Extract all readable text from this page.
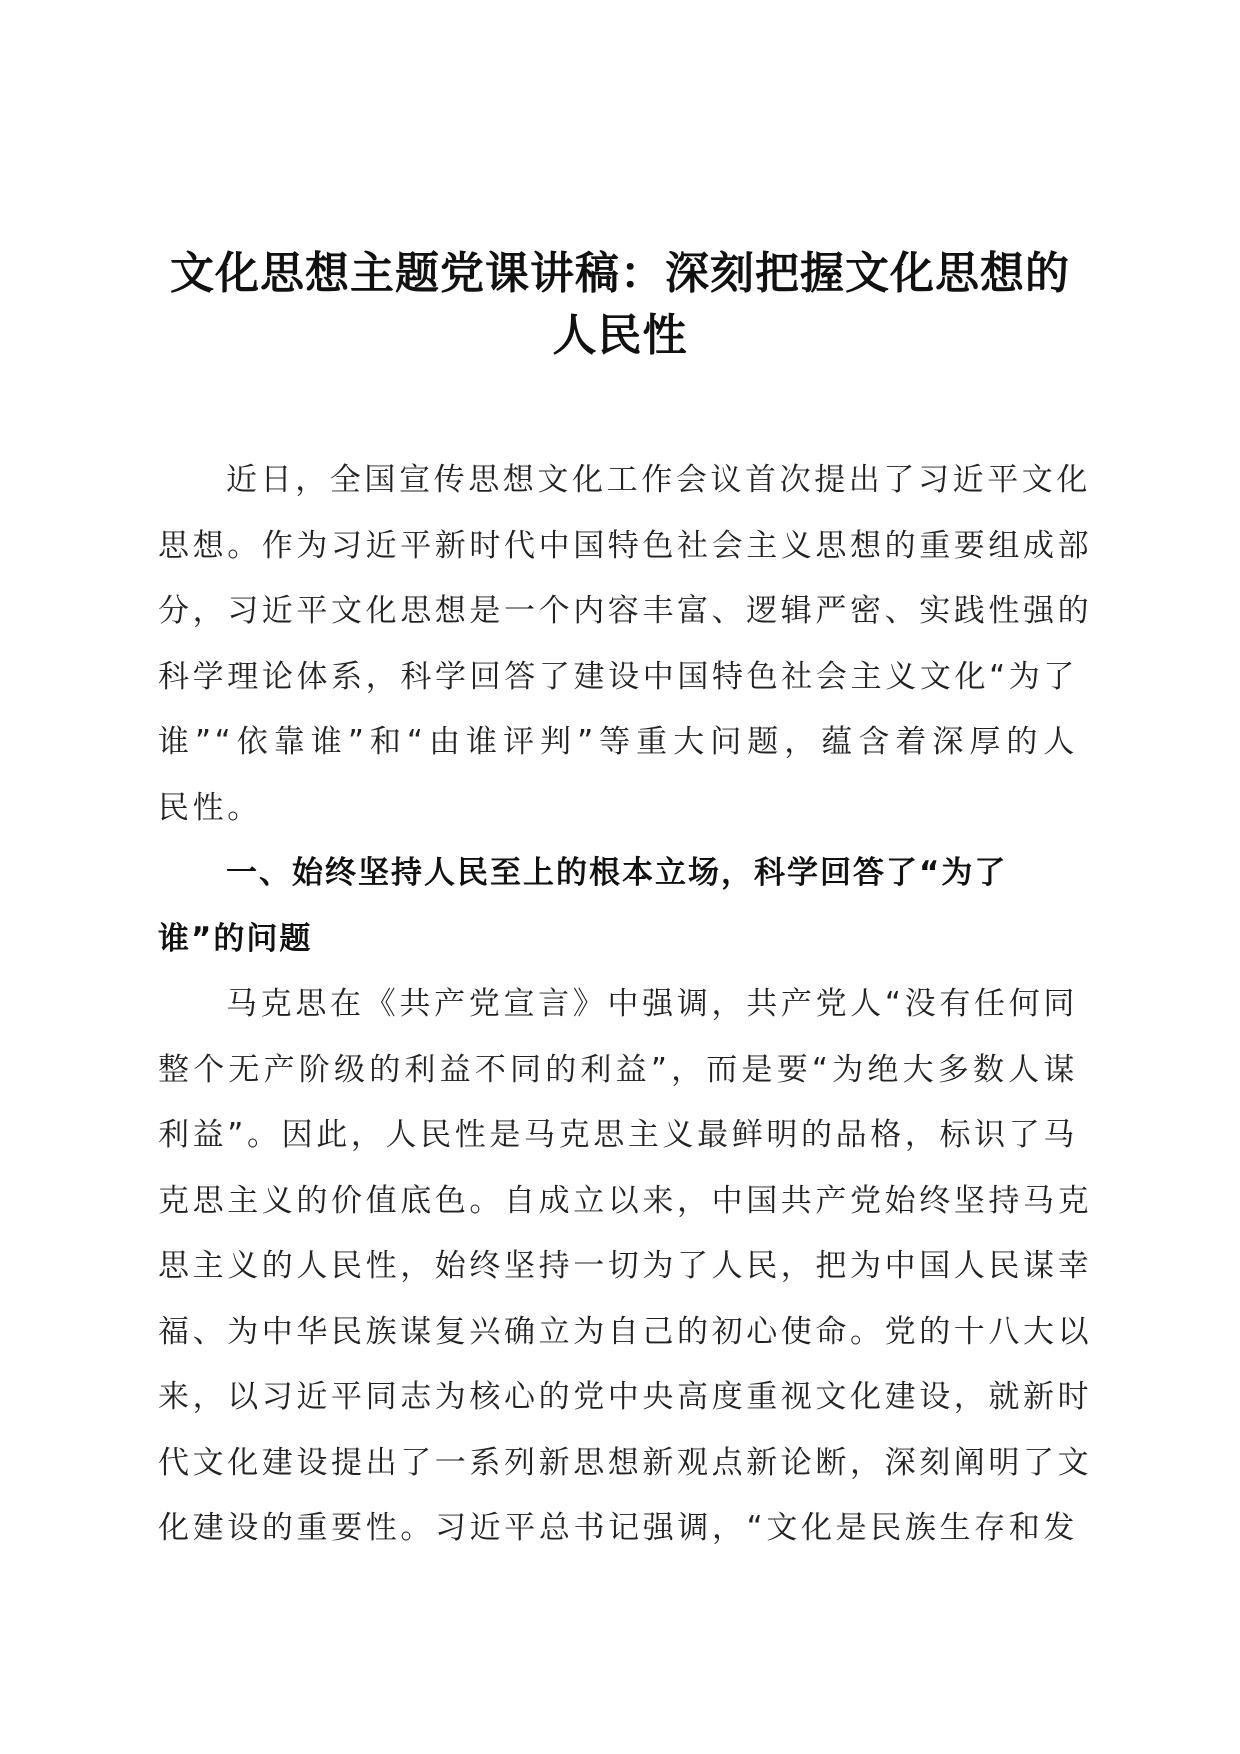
文化思想主题党课讲稿：深刻把握文化思想的
人民性

近日，全国宣传思想文化工作会议首次提出了习近平文化
思想。作为习近平新时代中国特色社会主义思想的重要组成部
分，习近平文化思想是一个内容丰富、逻辑严密、实践性强的
科学理论体系，科学回答了建设中国特色社会主义文化“为了
谁”“依靠谁”和“由谁评判”等重大问题，蕴含着深厚的人
民性。

一、始终坚持人民至上的根本立场，科学回答了“为了
谁”的问题

马克思在《共产党宣言》中强调，共产党人“没有任何同
整个无产阶级的利益不同的利益”，而是要“为绝大多数人谋
利益”。因此，人民性是马克思主义最鲜明的品格，标识了马
克思主义的价值底色。自成立以来，中国共产党始终坚持马克
思主义的人民性，始终坚持一切为了人民，把为中国人民谋幸
福、为中华民族谋复兴确立为自己的初心使命。党的十八大以
来，以习近平同志为核心的党中央高度重视文化建设，就新时
代文化建设提出了一系列新思想新观点新论断，深刻阐明了文
化建设的重要性。习近平总书记强调，“文化是民族生存和发
